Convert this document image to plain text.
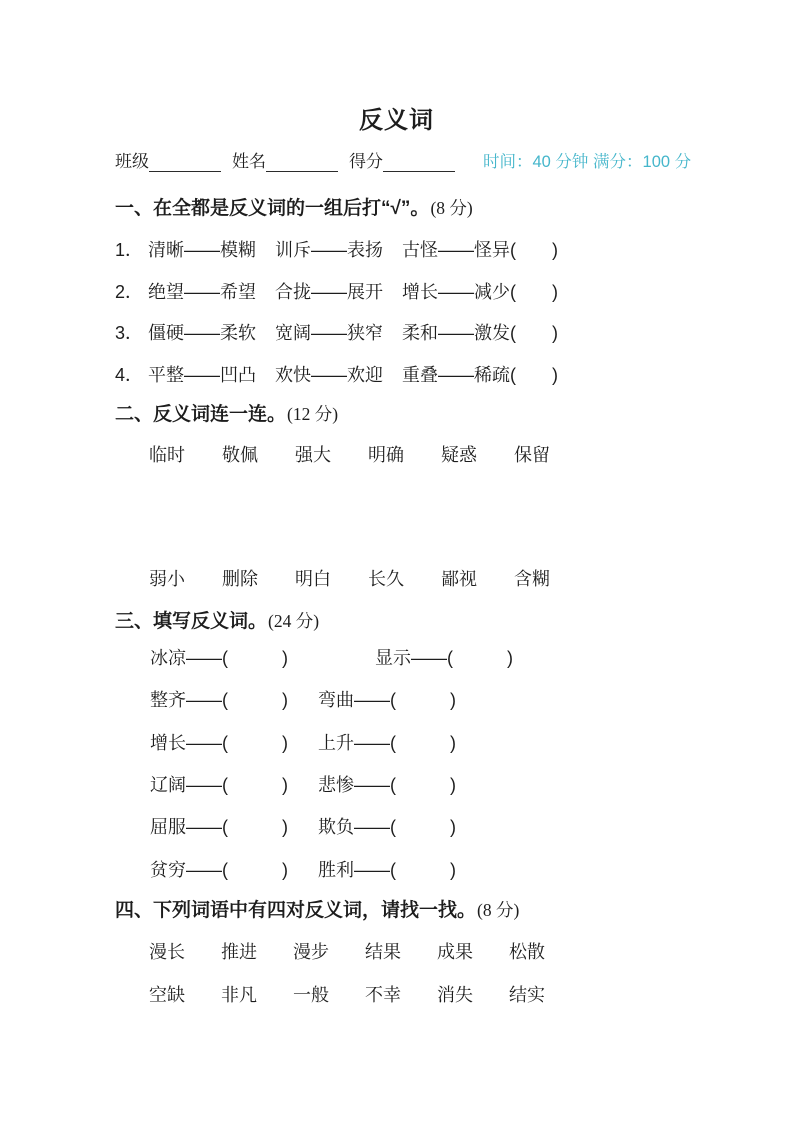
反义词
班级	姓名	得分	时间：40 分钟 满分：100 分
一、在全都是反义词的一组后打“√”。(8 分)
1． 清晰——模糊 训斥——表扬 古怪——怪异(　　)
2． 绝望——希望 合拢——展开 增长——减少(　　)
3． 僵硬——柔软 宽阔——狭窄 柔和——激发(　　)
4． 平整——凹凸 欢快——欢迎 重叠——稀疏(　　)
二、反义词连一连。(12 分)
临时 敬佩 强大 明确 疑惑 保留
弱小 删除 明白 长久 鄙视 含糊
三、填写反义词。(24 分)
冰凉——(　　　)	显示——(　　　)
整齐——(　　　) 弯曲——(　　　)
增长——(　　　) 上升——(　　　)
辽阔——(　　　) 悲惨——(　　　)
屈服——(　　　) 欺负——(　　　)
贫穷——(　　　) 胜利——(　　　)
四、下列词语中有四对反义词，请找一找。(8 分)
漫长 推进 漫步 结果 成果 松散
空缺 非凡 一般 不幸 消失 结实
